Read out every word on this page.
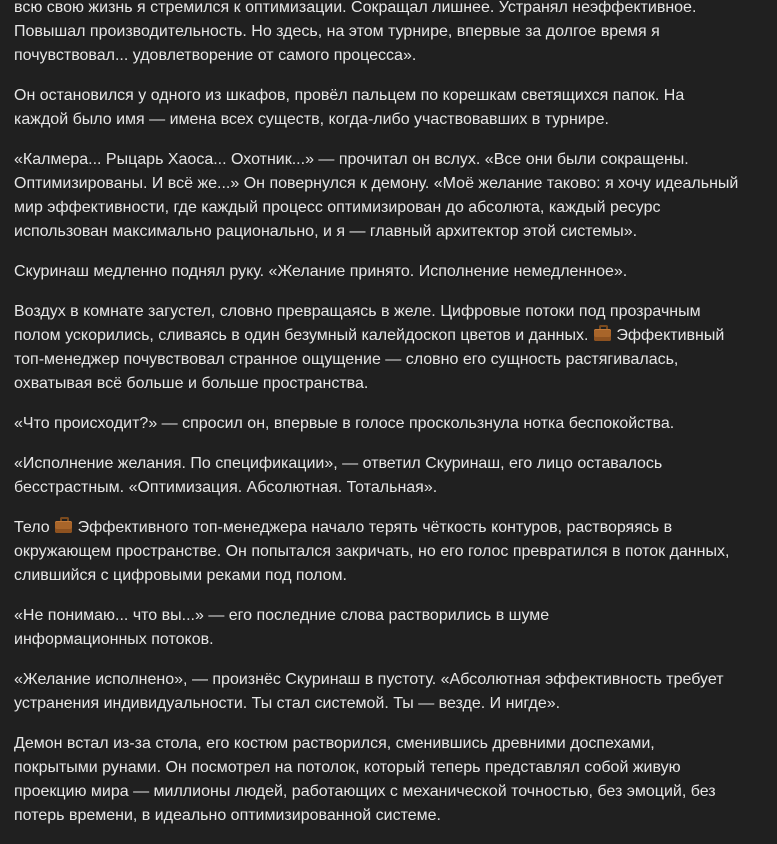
всю свою жизнь я стремился к оптимизации. Сокращал лишнее. Устранял неэффективное.
Повышал производительность. Но здесь, на этом турнире, впервые за долгое время я
почувствовал... удовлетворение от самого процесса».

Он остановился у одного из шкафов, провёл пальцем по корешкам светящихся папок. На
каждой было имя — имена всех существ, когда-либо участвовавших в турнире.

«Калмера... Рыцарь Хаоса... Охотник...» — прочитал он вслух. «Все они были сокращены.
Оптимизированы. И всё же...» Он повернулся к демону. «Моё желание таково: я хочу идеальный
мир эффективности, где каждый процесс оптимизирован до абсолюта, каждый ресурс
использован максимально рационально, и я — главный архитектор этой системы».

Скуринаш медленно поднял руку. «Желание принято. Исполнение немедленное».

Воздух в комнате загустел, словно превращаясь в желе. Цифровые потоки под прозрачным
полом ускорились, сливаясь в один безумный калейдоскоп цветов и данных. Эффективный
топ-менеджер почувствовал странное ощущение — словно его сущность растягивалась,
охватывая всё больше и больше пространства.

«Что происходит?» — спросил он, впервые в голосе проскользнула нотка беспокойства.

«Исполнение желания. По спецификации», — ответил Скуринаш, его лицо оставалось
бесстрастным. «Оптимизация. Абсолютная. Тотальная».

Тело Эффективного топ-менеджера начало терять чёткость контуров, растворяясь в
окружающем пространстве. Он попытался закричать, но его голос превратился в поток данных,
слившийся с цифровыми реками под полом.

«Не понимаю... что вы...» — его последние слова растворились в шуме
информационных потоков.

«Желание исполнено», — произнёс Скуринаш в пустоту. «Абсолютная эффективность требует
устранения индивидуальности. Ты стал системой. Ты — везде. И нигде».

Демон встал из-за стола, его костюм растворился, сменившись древними доспехами,
покрытыми рунами. Он посмотрел на потолок, который теперь представлял собой живую
проекцию мира — миллионы людей, работающих с механической точностью, без эмоций, без
потерь времени, в идеально оптимизированной системе.
